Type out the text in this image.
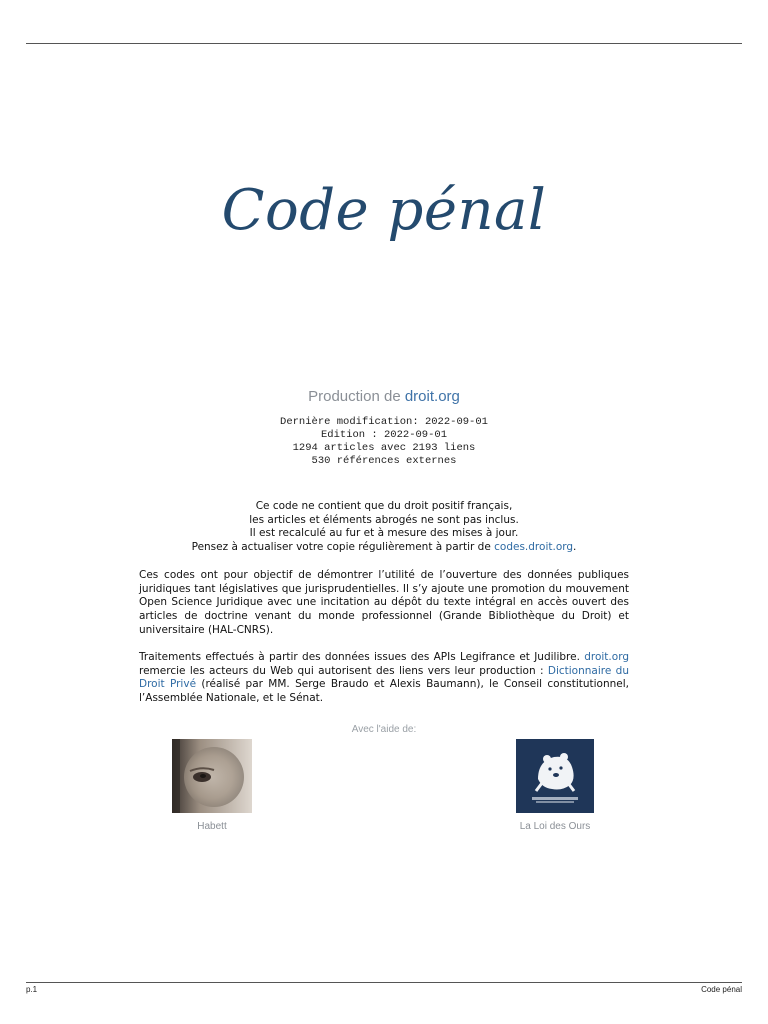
Code pénal
Production de droit.org
Dernière modification: 2022-09-01
Edition : 2022-09-01
1294 articles avec 2193 liens
530 références externes
Ce code ne contient que du droit positif français,
les articles et éléments abrogés ne sont pas inclus.
Il est recalculé au fur et à mesure des mises à jour.
Pensez à actualiser votre copie régulièrement à partir de codes.droit.org.
Ces codes ont pour objectif de démontrer l’utilité de l’ouverture des données publiques juridiques tant législatives que jurisprudentielles. Il s’y ajoute une promotion du mouvement Open Science Juridique avec une incitation au dépôt du texte intégral en accès ouvert des articles de doctrine venant du monde professionnel (Grande Bibliothèque du Droit) et universitaire (HAL-CNRS).
Traitements effectués à partir des données issues des APIs Legifrance et Judilibre. droit.org remercie les acteurs du Web qui autorisent des liens vers leur production : Dictionnaire du Droit Privé (réalisé par MM. Serge Braudo et Alexis Baumann), le Conseil constitutionnel, l’Assemblée Nationale, et le Sénat.
Avec l'aide de:
Habett	La Loi des Ours
p.1	Code pénal
